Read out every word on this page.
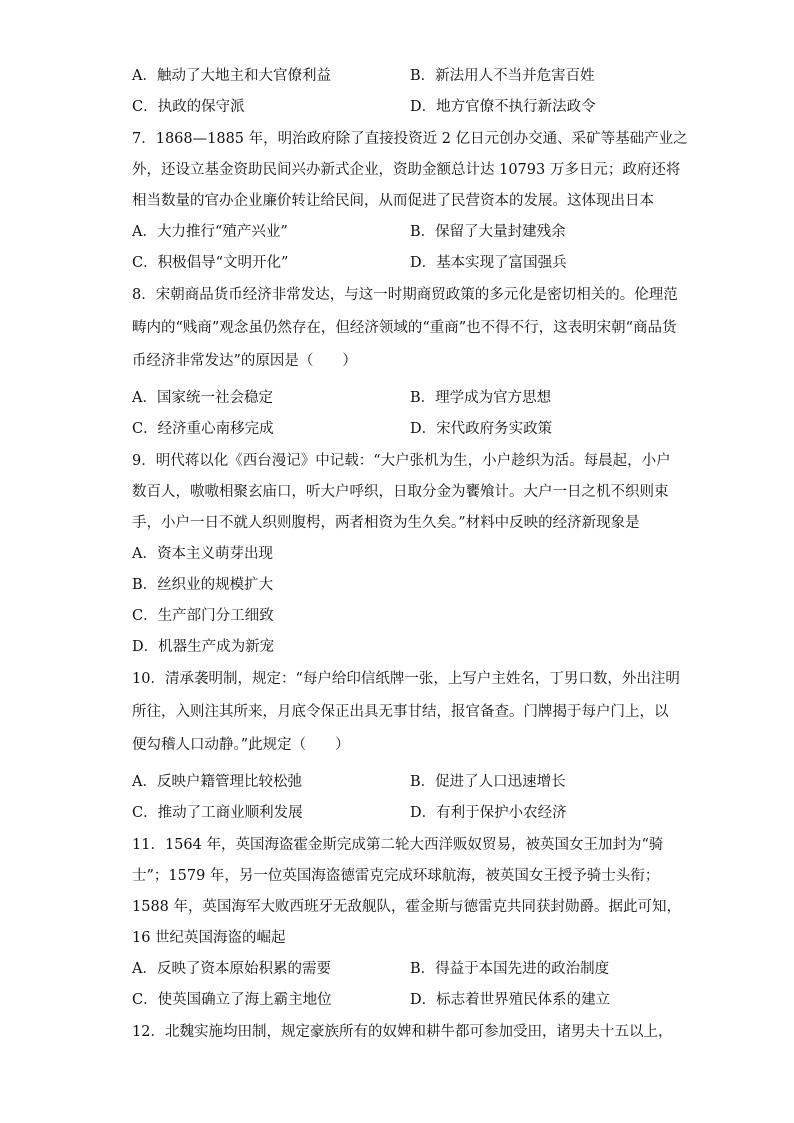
A．触动了大地主和大官僚利益	B．新法用人不当并危害百姓
C．执政的保守派	D．地方官僚不执行新法政令
7．1868—1885 年，明治政府除了直接投资近 2 亿日元创办交通、采矿等基础产业之
外，还设立基金资助民间兴办新式企业，资助金额总计达 10793 万多日元；政府还将
相当数量的官办企业廉价转让给民间，从而促进了民营资本的发展。这体现出日本
A．大力推行“殖产兴业”	B．保留了大量封建残余
C．积极倡导“文明开化”	D．基本实现了富国强兵
8．宋朝商品货币经济非常发达，与这一时期商贸政策的多元化是密切相关的。伦理范
畴内的“贱商”观念虽仍然存在，但经济领域的“重商”也不得不行，这表明宋朝“商品货
币经济非常发达”的原因是（　　）
A．国家统一社会稳定	B．理学成为官方思想
C．经济重心南移完成	D．宋代政府务实政策
9．明代蒋以化《西台漫记》中记载：“大户张机为生，小户趁织为活。每晨起，小户
数百人，嗷嗷相聚玄庙口，听大户呼织，日取分金为饔飧计。大户一日之机不织则束
手，小户一日不就人织则腹枵，两者相资为生久矣。”材料中反映的经济新现象是
A．资本主义萌芽出现
B．丝织业的规模扩大
C．生产部门分工细致
D．机器生产成为新宠
10．清承袭明制，规定：“每户给印信纸牌一张，上写户主姓名，丁男口数，外出注明
所往，入则注其所来，月底令保正出具无事甘结，报官备查。门牌揭于每户门上，以
便勾稽人口动静。”此规定（　　）
A．反映户籍管理比较松弛	B．促进了人口迅速增长
C．推动了工商业顺利发展	D．有利于保护小农经济
11．1564 年，英国海盗霍金斯完成第二轮大西洋贩奴贸易，被英国女王加封为“骑
士”；1579 年，另一位英国海盗德雷克完成环球航海，被英国女王授予骑士头衔；
1588 年，英国海军大败西班牙无敌舰队，霍金斯与德雷克共同获封勋爵。据此可知，
16 世纪英国海盗的崛起
A．反映了资本原始积累的需要	B．得益于本国先进的政治制度
C．使英国确立了海上霸主地位	D．标志着世界殖民体系的建立
12．北魏实施均田制，规定豪族所有的奴婢和耕牛都可参加受田，诸男夫十五以上，
